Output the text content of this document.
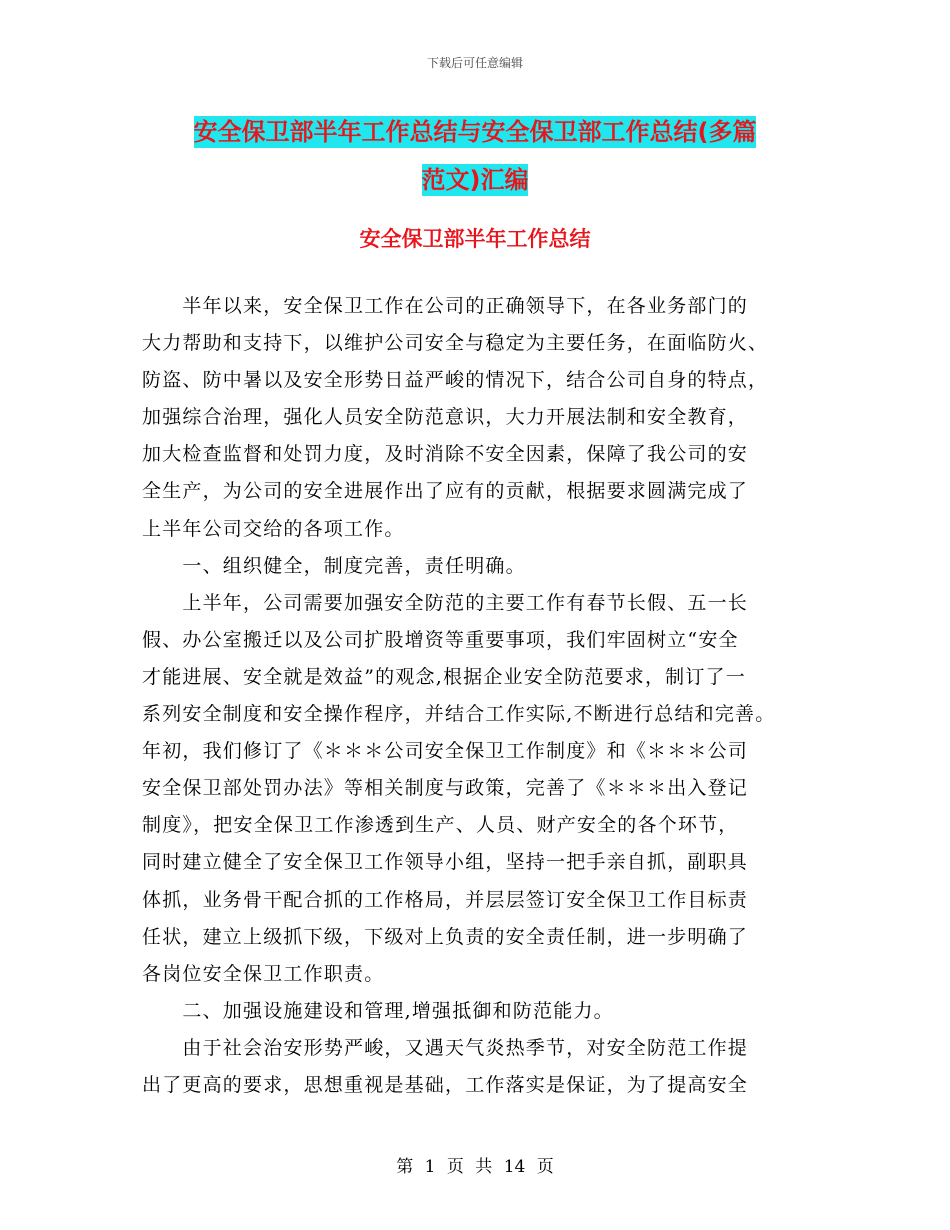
下载后可任意编辑
安全保卫部半年工作总结与安全保卫部工作总结(多篇
范文)汇编
安全保卫部半年工作总结
　　半年以来，安全保卫工作在公司的正确领导下，在各业务部门的
大力帮助和支持下，以维护公司安全与稳定为主要任务，在面临防火、
防盗、防中暑以及安全形势日益严峻的情况下，结合公司自身的特点，
加强综合治理，强化人员安全防范意识，大力开展法制和安全教育，
加大检查监督和处罚力度，及时消除不安全因素，保障了我公司的安
全生产，为公司的安全进展作出了应有的贡献，根据要求圆满完成了
上半年公司交给的各项工作。
　　一、组织健全，制度完善，责任明确。
　　上半年，公司需要加强安全防范的主要工作有春节长假、五一长
假、办公室搬迁以及公司扩股增资等重要事项，我们牢固树立“安全
才能进展、安全就是效益”的观念,根据企业安全防范要求，制订了一
系列安全制度和安全操作程序，并结合工作实际,不断进行总结和完善。
年初，我们修订了《＊＊＊公司安全保卫工作制度》和《＊＊＊公司
安全保卫部处罚办法》等相关制度与政策，完善了《＊＊＊出入登记
制度》，把安全保卫工作渗透到生产、人员、财产安全的各个环节，
同时建立健全了安全保卫工作领导小组，坚持一把手亲自抓，副职具
体抓，业务骨干配合抓的工作格局，并层层签订安全保卫工作目标责
任状，建立上级抓下级，下级对上负责的安全责任制，进一步明确了
各岗位安全保卫工作职责。
　　二、加强设施建设和管理,增强抵御和防范能力。
　　由于社会治安形势严峻，又遇天气炎热季节，对安全防范工作提
出了更高的要求，思想重视是基础，工作落实是保证，为了提高安全
第 1 页 共 14 页
